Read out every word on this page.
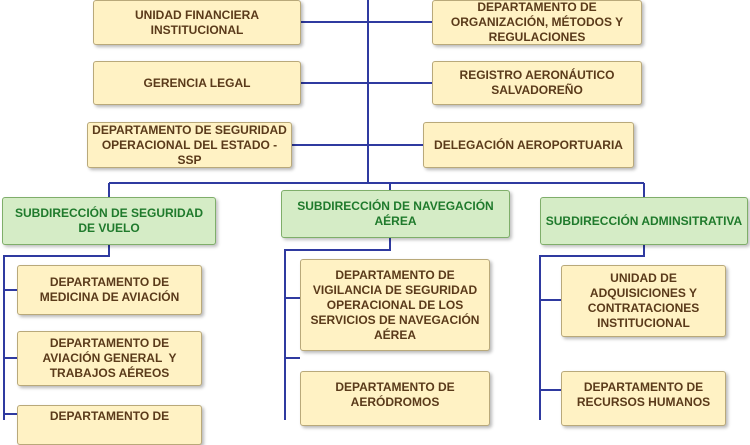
UNIDAD FINANCIERA INSTITUCIONAL
DEPARTAMENTO DE ORGANIZACIÓN, MÉTODOS Y REGULACIONES
GERENCIA LEGAL
REGISTRO AERONÁUTICO SALVADOREÑO
DEPARTAMENTO DE SEGURIDAD OPERACIONAL DEL ESTADO - SSP
DELEGACIÓN AEROPORTUARIA
SUBDIRECCIÓN DE SEGURIDAD DE VUELO
SUBDIRECCIÓN DE NAVEGACIÓN AÉREA	SUBDIRECCIÓN ADMINSITRATIVA
DEPARTAMENTO DE MEDICINA DE AVIACIÓN
DEPARTAMENTO DE AVIACIÓN GENERAL  Y TRABAJOS AÉREOS
DEPARTAMENTO DE
DEPARTAMENTO DE VIGILANCIA DE SEGURIDAD OPERACIONAL DE LOS SERVICIOS DE NAVEGACIÓN AÉREA
DEPARTAMENTO DE AERÓDROMOS
UNIDAD DE ADQUISICIONES Y CONTRATACIONES INSTITUCIONAL
DEPARTAMENTO DE RECURSOS HUMANOS
